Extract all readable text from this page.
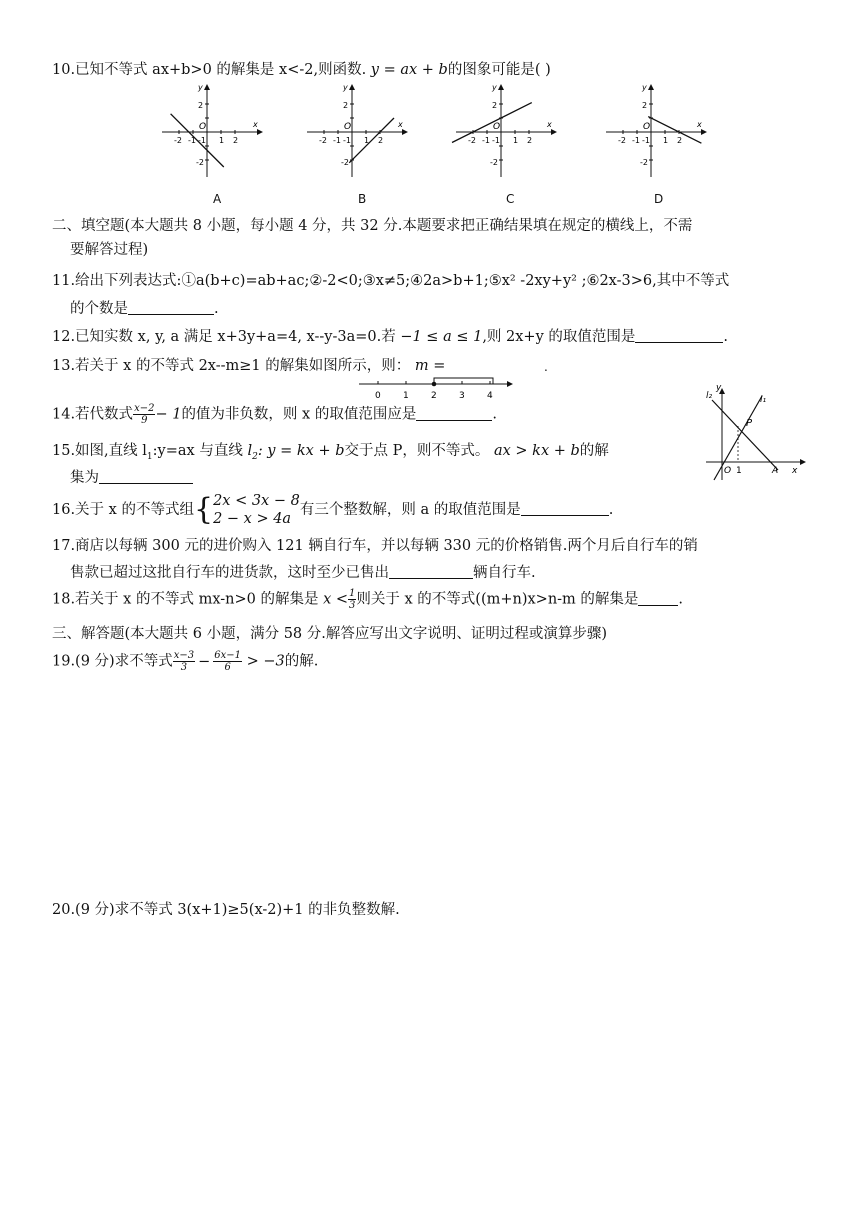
10.已知不等式 ax+b>0 的解集是 x<-2,则函数. y = ax + b的图象可能是( )
y
x
O
2
-1
-2
1 2
-2 -1
y
x
O
2
-1
-2
1 2
-2 -1
y
x
O
2
-1
-2
1 2
-2 -1
y
x
O
2
-1
-2
1 2
-2 -1
A	B	C	D
二、填空题(本大题共 8 小题，每小题 4 分，共 32 分.本题要求把正确结果填在规定的横线上，不需
要解答过程)
11.给出下列表达式:①a(b+c)=ab+ac;②-2<0;③x≠5;④2a>b+1;⑤x² -2xy+y² ;⑥2x-3>6,其中不等式
的个数是	.
12.已知实数 x, y, a 满足 x+3y+a=4, x--y-3a=0.若 −1 ≤ a ≤ 1,则 2x+y 的取值范围是	.
13.若关于 x 的不等式 2x--m≥1 的解集如图所示，则： m =	.
0 1 2 3 4
14.若代数式 $\frac{x-2}{9} - 1$的值为非负数，则 x 的取值范围应是	.
15.如图,直线 $l_1:y=ax$ 与直线 $l_2$: y = kx + b交于点 P，则不等式。 ax > kx + b的解
集为
l₂
y
l₁
P
O 1	A x
16.关于 x 的不等式组{ 2x < 3x − 8
2 − x > 4a
有三个整数解，则 a 的取值范围是	.
17.商店以每辆 300 元的进价购入 121 辆自行车，并以每辆 330 元的价格销售.两个月后自行车的销
售款已超过这批自行车的进货款，这时至少已售出	辆自行车.
18.若关于 x 的不等式 mx-n>0 的解集是 $x < \frac{1}{3}$ 则关于 x 的不等式((m+n)x>n-m 的解集是	.
三、解答题(本大题共 6 小题，满分 58 分.解答应写出文字说明、证明过程或演算步骤)
19.(9 分)求不等式 $\frac{x-3}{3} - \frac{6x-1}{6} > -3$的解.
20.(9 分)求不等式 3(x+1)≥5(x-2)+1 的非负整数解.
